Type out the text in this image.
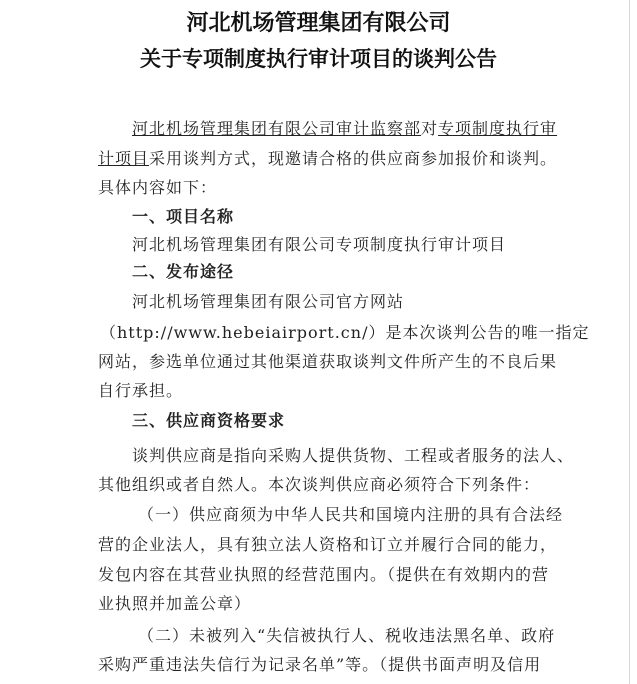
河北机场管理集团有限公司
关于专项制度执行审计项目的谈判公告
河北机场管理集团有限公司审计监察部对专项制度执行审
计项目采用谈判方式，现邀请合格的供应商参加报价和谈判。
具体内容如下：
一、项目名称
河北机场管理集团有限公司专项制度执行审计项目
二、发布途径
河北机场管理集团有限公司官方网站
（http://www.hebeiairport.cn/）是本次谈判公告的唯一指定
网站，参选单位通过其他渠道获取谈判文件所产生的不良后果
自行承担。
三、供应商资格要求
谈判供应商是指向采购人提供货物、工程或者服务的法人、
其他组织或者自然人。本次谈判供应商必须符合下列条件：
（一）供应商须为中华人民共和国境内注册的具有合法经
营的企业法人，具有独立法人资格和订立并履行合同的能力，
发包内容在其营业执照的经营范围内。（提供在有效期内的营
业执照并加盖公章）
（二）未被列入“失信被执行人、税收违法黑名单、政府
采购严重违法失信行为记录名单”等。（提供书面声明及信用
